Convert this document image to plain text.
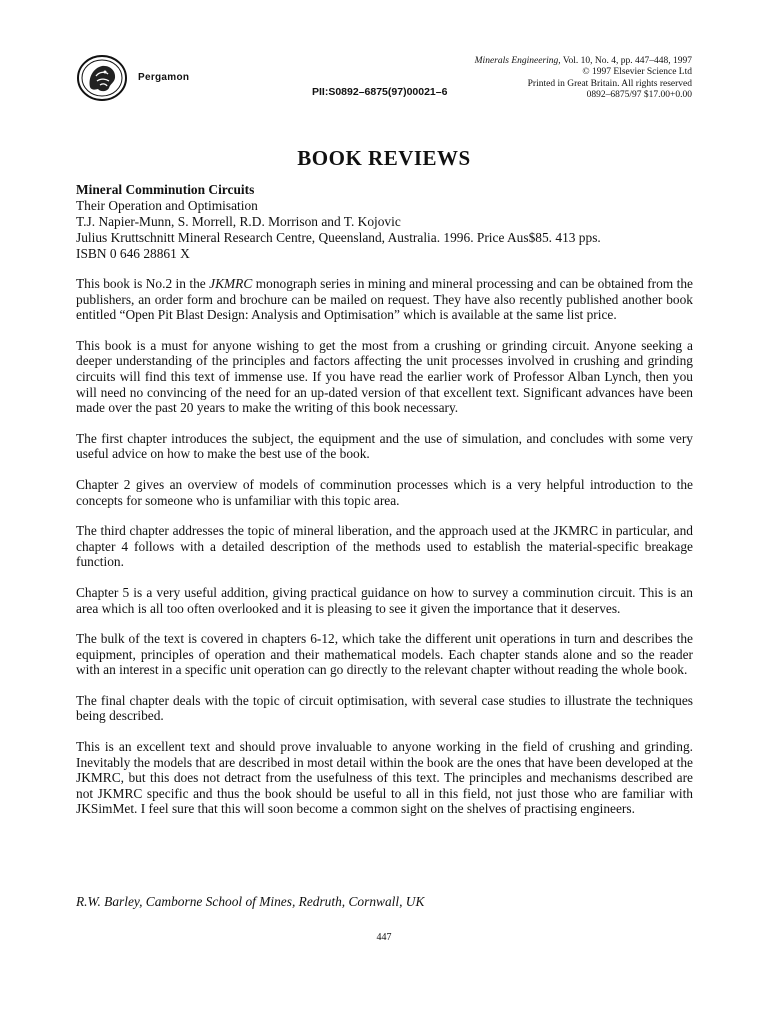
Pergamon
PII:S0892–6875(97)00021–6
Minerals Engineering, Vol. 10, No. 4, pp. 447–448, 1997
© 1997 Elsevier Science Ltd
Printed in Great Britain. All rights reserved
0892–6875/97 $17.00+0.00
BOOK REVIEWS
Mineral Comminution Circuits
Their Operation and Optimisation
T.J. Napier-Munn, S. Morrell, R.D. Morrison and T. Kojovic
Julius Kruttschnitt Mineral Research Centre, Queensland, Australia. 1996. Price Aus$85. 413 pps.
ISBN 0 646 28861 X

This book is No.2 in the JKMRC monograph series in mining and mineral processing and can be obtained from the publishers, an order form and brochure can be mailed on request. They have also recently published another book entitled “Open Pit Blast Design: Analysis and Optimisation” which is available at the same list price.

This book is a must for anyone wishing to get the most from a crushing or grinding circuit. Anyone seeking a deeper understanding of the principles and factors affecting the unit processes involved in crushing and grinding circuits will find this text of immense use. If you have read the earlier work of Professor Alban Lynch, then you will need no convincing of the need for an up-dated version of that excellent text. Significant advances have been made over the past 20 years to make the writing of this book necessary.

The first chapter introduces the subject, the equipment and the use of simulation, and concludes with some very useful advice on how to make the best use of the book.

Chapter 2 gives an overview of models of comminution processes which is a very helpful introduction to the concepts for someone who is unfamiliar with this topic area.

The third chapter addresses the topic of mineral liberation, and the approach used at the JKMRC in particular, and chapter 4 follows with a detailed description of the methods used to establish the material-specific breakage function.

Chapter 5 is a very useful addition, giving practical guidance on how to survey a comminution circuit. This is an area which is all too often overlooked and it is pleasing to see it given the importance that it deserves.

The bulk of the text is covered in chapters 6-12, which take the different unit operations in turn and describes the equipment, principles of operation and their mathematical models. Each chapter stands alone and so the reader with an interest in a specific unit operation can go directly to the relevant chapter without reading the whole book.

The final chapter deals with the topic of circuit optimisation, with several case studies to illustrate the techniques being described.

This is an excellent text and should prove invaluable to anyone working in the field of crushing and grinding. Inevitably the models that are described in most detail within the book are the ones that have been developed at the JKMRC, but this does not detract from the usefulness of this text. The principles and mechanisms described are not JKMRC specific and thus the book should be useful to all in this field, not just those who are familiar with JKSimMet. I feel sure that this will soon become a common sight on the shelves of practising engineers.

R.W. Barley, Camborne School of Mines, Redruth, Cornwall, UK
447
